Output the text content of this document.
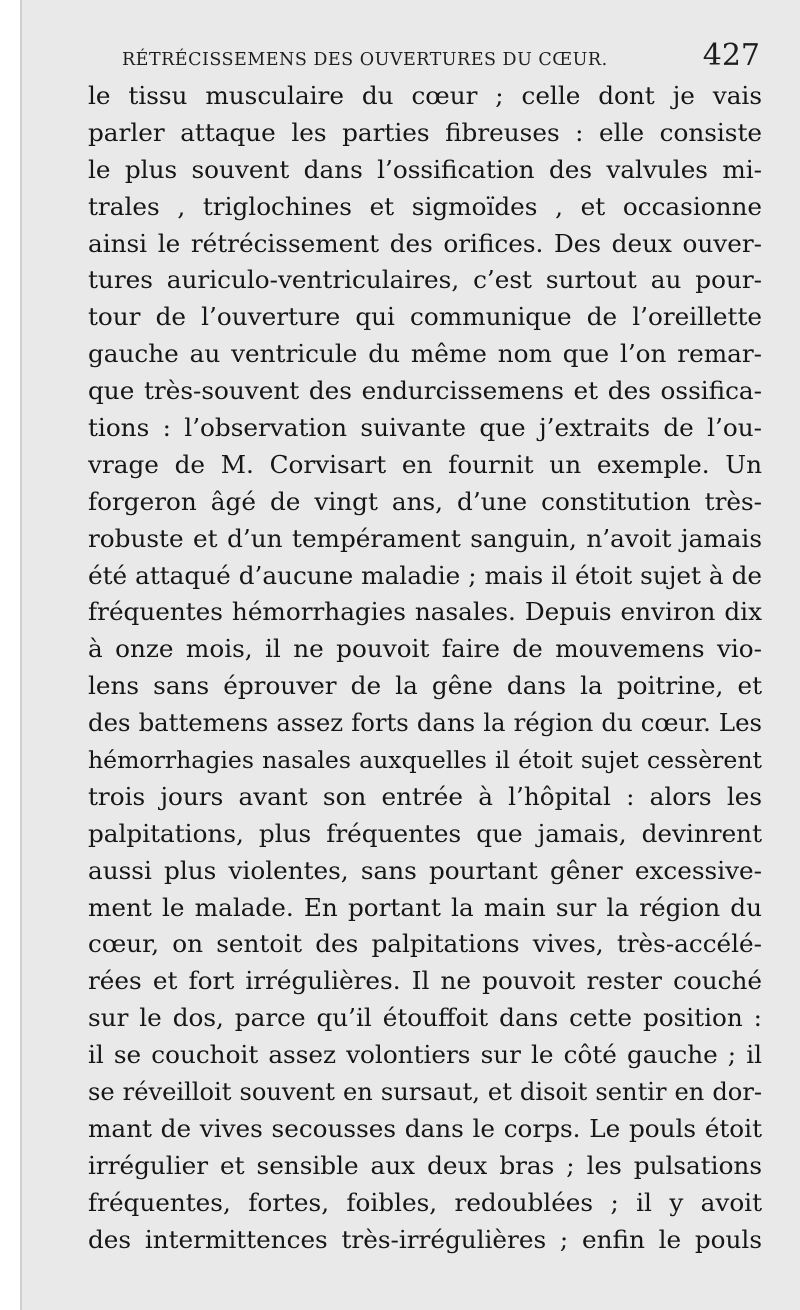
RÉTRÉCISSEMENS DES OUVERTURES DU CŒUR.	427
le tissu musculaire du cœur ; celle dont je vais
parler attaque les parties fibreuses : elle consiste
le plus souvent dans l’ossification des valvules mi-
trales , triglochines et sigmoïdes , et occasionne
ainsi le rétrécissement des orifices. Des deux ouver-
tures auriculo-ventriculaires, c’est surtout au pour-
tour de l’ouverture qui communique de l’oreillette
gauche au ventricule du même nom que l’on remar-
que très-souvent des endurcissemens et des ossifica-
tions : l’observation suivante que j’extraits de l’ou-
vrage de M. Corvisart en fournit un exemple. Un
forgeron âgé de vingt ans, d’une constitution très-
robuste et d’un tempérament sanguin, n’avoit jamais
été attaqué d’aucune maladie ; mais il étoit sujet à de
fréquentes hémorrhagies nasales. Depuis environ dix
à onze mois, il ne pouvoit faire de mouvemens vio-
lens sans éprouver de la gêne dans la poitrine, et
des battemens assez forts dans la région du cœur. Les
hémorrhagies nasales auxquelles il étoit sujet cessèrent
trois jours avant son entrée à l’hôpital : alors les
palpitations, plus fréquentes que jamais, devinrent
aussi plus violentes, sans pourtant gêner excessive-
ment le malade. En portant la main sur la région du
cœur, on sentoit des palpitations vives, très-accélé-
rées et fort irrégulières. Il ne pouvoit rester couché
sur le dos, parce qu’il étouffoit dans cette position :
il se couchoit assez volontiers sur le côté gauche ; il
se réveilloit souvent en sursaut, et disoit sentir en dor-
mant de vives secousses dans le corps. Le pouls étoit
irrégulier et sensible aux deux bras ; les pulsations
fréquentes, fortes, foibles, redoublées ; il y avoit
des intermittences très-irrégulières ; enfin le pouls
